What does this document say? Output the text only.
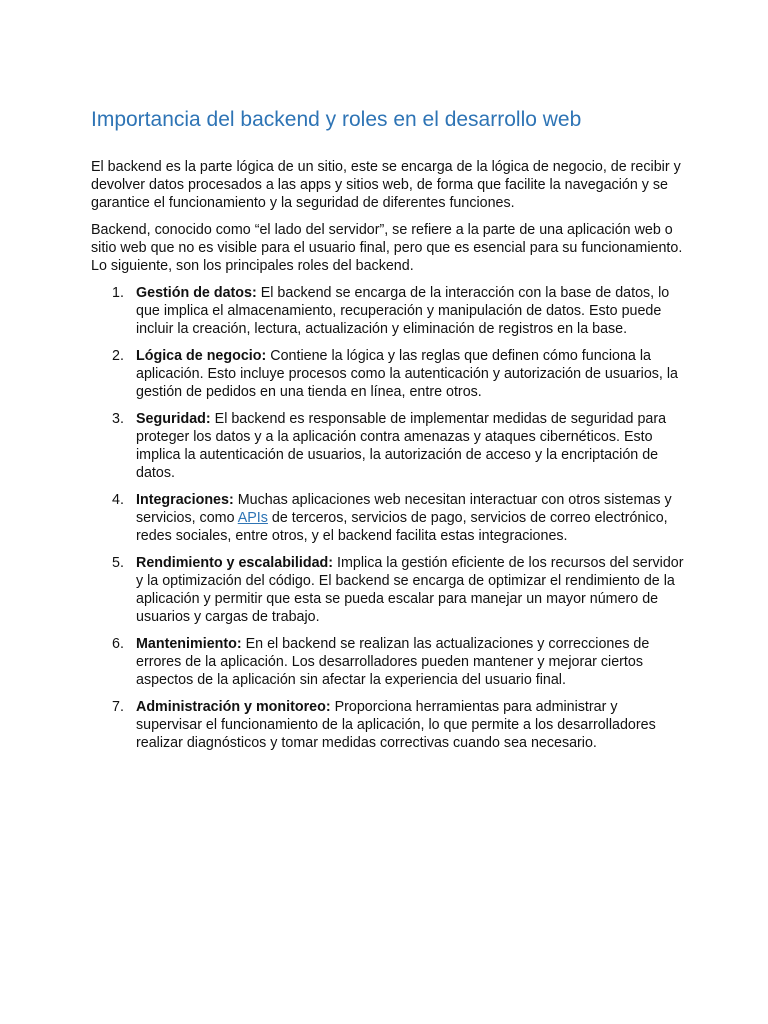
Importancia del backend y roles en el desarrollo web

El backend es la parte lógica de un sitio, este se encarga de la lógica de negocio, de recibir y devolver datos procesados a las apps y sitios web, de forma que facilite la navegación y se garantice el funcionamiento y la seguridad de diferentes funciones.

Backend, conocido como “el lado del servidor”, se refiere a la parte de una aplicación web o sitio web que no es visible para el usuario final, pero que es esencial para su funcionamiento. Lo siguiente, son los principales roles del backend.

1. Gestión de datos: El backend se encarga de la interacción con la base de datos, lo que implica el almacenamiento, recuperación y manipulación de datos. Esto puede incluir la creación, lectura, actualización y eliminación de registros en la base.
2. Lógica de negocio: Contiene la lógica y las reglas que definen cómo funciona la aplicación. Esto incluye procesos como la autenticación y autorización de usuarios, la gestión de pedidos en una tienda en línea, entre otros.
3. Seguridad: El backend es responsable de implementar medidas de seguridad para proteger los datos y a la aplicación contra amenazas y ataques cibernéticos. Esto implica la autenticación de usuarios, la autorización de acceso y la encriptación de datos.
4. Integraciones: Muchas aplicaciones web necesitan interactuar con otros sistemas y servicios, como APIs de terceros, servicios de pago, servicios de correo electrónico, redes sociales, entre otros, y el backend facilita estas integraciones.
5. Rendimiento y escalabilidad: Implica la gestión eficiente de los recursos del servidor y la optimización del código. El backend se encarga de optimizar el rendimiento de la aplicación y permitir que esta se pueda escalar para manejar un mayor número de usuarios y cargas de trabajo.
6. Mantenimiento: En el backend se realizan las actualizaciones y correcciones de errores de la aplicación. Los desarrolladores pueden mantener y mejorar ciertos aspectos de la aplicación sin afectar la experiencia del usuario final.
7. Administración y monitoreo: Proporciona herramientas para administrar y supervisar el funcionamiento de la aplicación, lo que permite a los desarrolladores realizar diagnósticos y tomar medidas correctivas cuando sea necesario.
